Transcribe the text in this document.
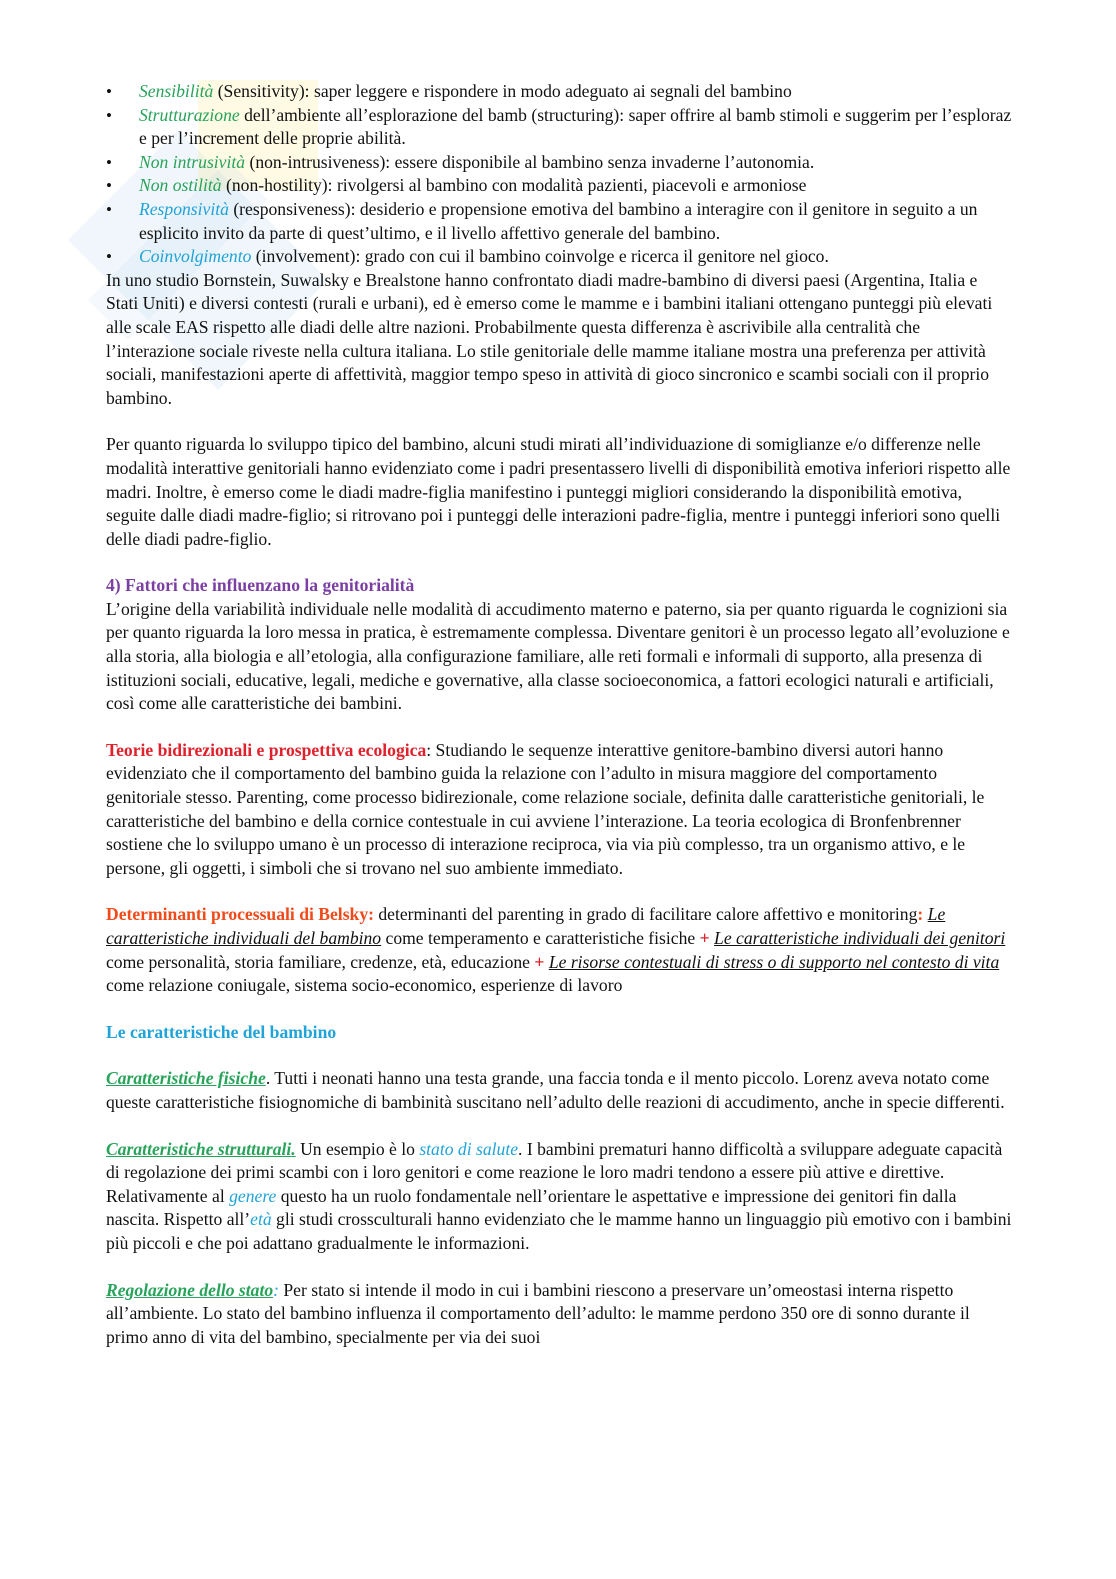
• Sensibilità (Sensitivity): saper leggere e rispondere in modo adeguato ai segnali del bambino
• Strutturazione dell’ambiente all’esplorazione del bamb (structuring): saper offrire al bamb stimoli e suggerim per l’esploraz e per l’increment delle proprie abilità.
• Non intrusività (non-intrusiveness): essere disponibile al bambino senza invaderne l’autonomia.
• Non ostilità (non-hostility): rivolgersi al bambino con modalità pazienti, piacevoli e armoniose
• Responsività (responsiveness): desiderio e propensione emotiva del bambino a interagire con il genitore in seguito a un esplicito invito da parte di quest’ultimo, e il livello affettivo generale del bambino.
• Coinvolgimento (involvement): grado con cui il bambino coinvolge e ricerca il genitore nel gioco.

In uno studio Bornstein, Suwalsky e Brealstone hanno confrontato diadi madre-bambino di diversi paesi (Argentina, Italia e Stati Uniti) e diversi contesti (rurali e urbani), ed è emerso come le mamme e i bambini italiani ottengano punteggi più elevati alle scale EAS rispetto alle diadi delle altre nazioni. Probabilmente questa differenza è ascrivibile alla centralità che l’interazione sociale riveste nella cultura italiana. Lo stile genitoriale delle mamme italiane mostra una preferenza per attività sociali, manifestazioni aperte di affettività, maggior tempo speso in attività di gioco sincronico e scambi sociali con il proprio bambino.

Per quanto riguarda lo sviluppo tipico del bambino, alcuni studi mirati all’individuazione di somiglianze e/o differenze nelle modalità interattive genitoriali hanno evidenziato come i padri presentassero livelli di disponibilità emotiva inferiori rispetto alle madri. Inoltre, è emerso come le diadi madre-figlia manifestino i punteggi migliori considerando la disponibilità emotiva, seguite dalle diadi madre-figlio; si ritrovano poi i punteggi delle interazioni padre-figlia, mentre i punteggi inferiori sono quelli delle diadi padre-figlio.

4) Fattori che influenzano la genitorialità

L’origine della variabilità individuale nelle modalità di accudimento materno e paterno, sia per quanto riguarda le cognizioni sia per quanto riguarda la loro messa in pratica, è estremamente complessa. Diventare genitori è un processo legato all’evoluzione e alla storia, alla biologia e all’etologia, alla configurazione familiare, alle reti formali e informali di supporto, alla presenza di istituzioni sociali, educative, legali, mediche e governative, alla classe socioeconomica, a fattori ecologici naturali e artificiali, così come alle caratteristiche dei bambini.

Teorie bidirezionali e prospettiva ecologica: Studiando le sequenze interattive genitore-bambino diversi autori hanno evidenziato che il comportamento del bambino guida la relazione con l’adulto in misura maggiore del comportamento genitoriale stesso. Parenting, come processo bidirezionale, come relazione sociale, definita dalle caratteristiche genitoriali, le caratteristiche del bambino e della cornice contestuale in cui avviene l’interazione. La teoria ecologica di Bronfenbrenner sostiene che lo sviluppo umano è un processo di interazione reciproca, via via più complesso, tra un organismo attivo, e le persone, gli oggetti, i simboli che si trovano nel suo ambiente immediato.

Determinanti processuali di Belsky: determinanti del parenting in grado di facilitare calore affettivo e monitoring: Le caratteristiche individuali del bambino come temperamento e caratteristiche fisiche + Le caratteristiche individuali dei genitori come personalità, storia familiare, credenze, età, educazione + Le risorse contestuali di stress o di supporto nel contesto di vita come relazione coniugale, sistema socio-economico, esperienze di lavoro

Le caratteristiche del bambino

Caratteristiche fisiche. Tutti i neonati hanno una testa grande, una faccia tonda e il mento piccolo. Lorenz aveva notato come queste caratteristiche fisiognomiche di bambinità suscitano nell’adulto delle reazioni di accudimento, anche in specie differenti.

Caratteristiche strutturali. Un esempio è lo stato di salute. I bambini prematuri hanno difficoltà a sviluppare adeguate capacità di regolazione dei primi scambi con i loro genitori e come reazione le loro madri tendono a essere più attive e direttive. Relativamente al genere questo ha un ruolo fondamentale nell’orientare le aspettative e impressione dei genitori fin dalla nascita. Rispetto all’età gli studi crossculturali hanno evidenziato che le mamme hanno un linguaggio più emotivo con i bambini più piccoli e che poi adattano gradualmente le informazioni.

Regolazione dello stato: Per stato si intende il modo in cui i bambini riescono a preservare un’omeostasi interna rispetto all’ambiente. Lo stato del bambino influenza il comportamento dell’adulto: le mamme perdono 350 ore di sonno durante il primo anno di vita del bambino, specialmente per via dei suoi
